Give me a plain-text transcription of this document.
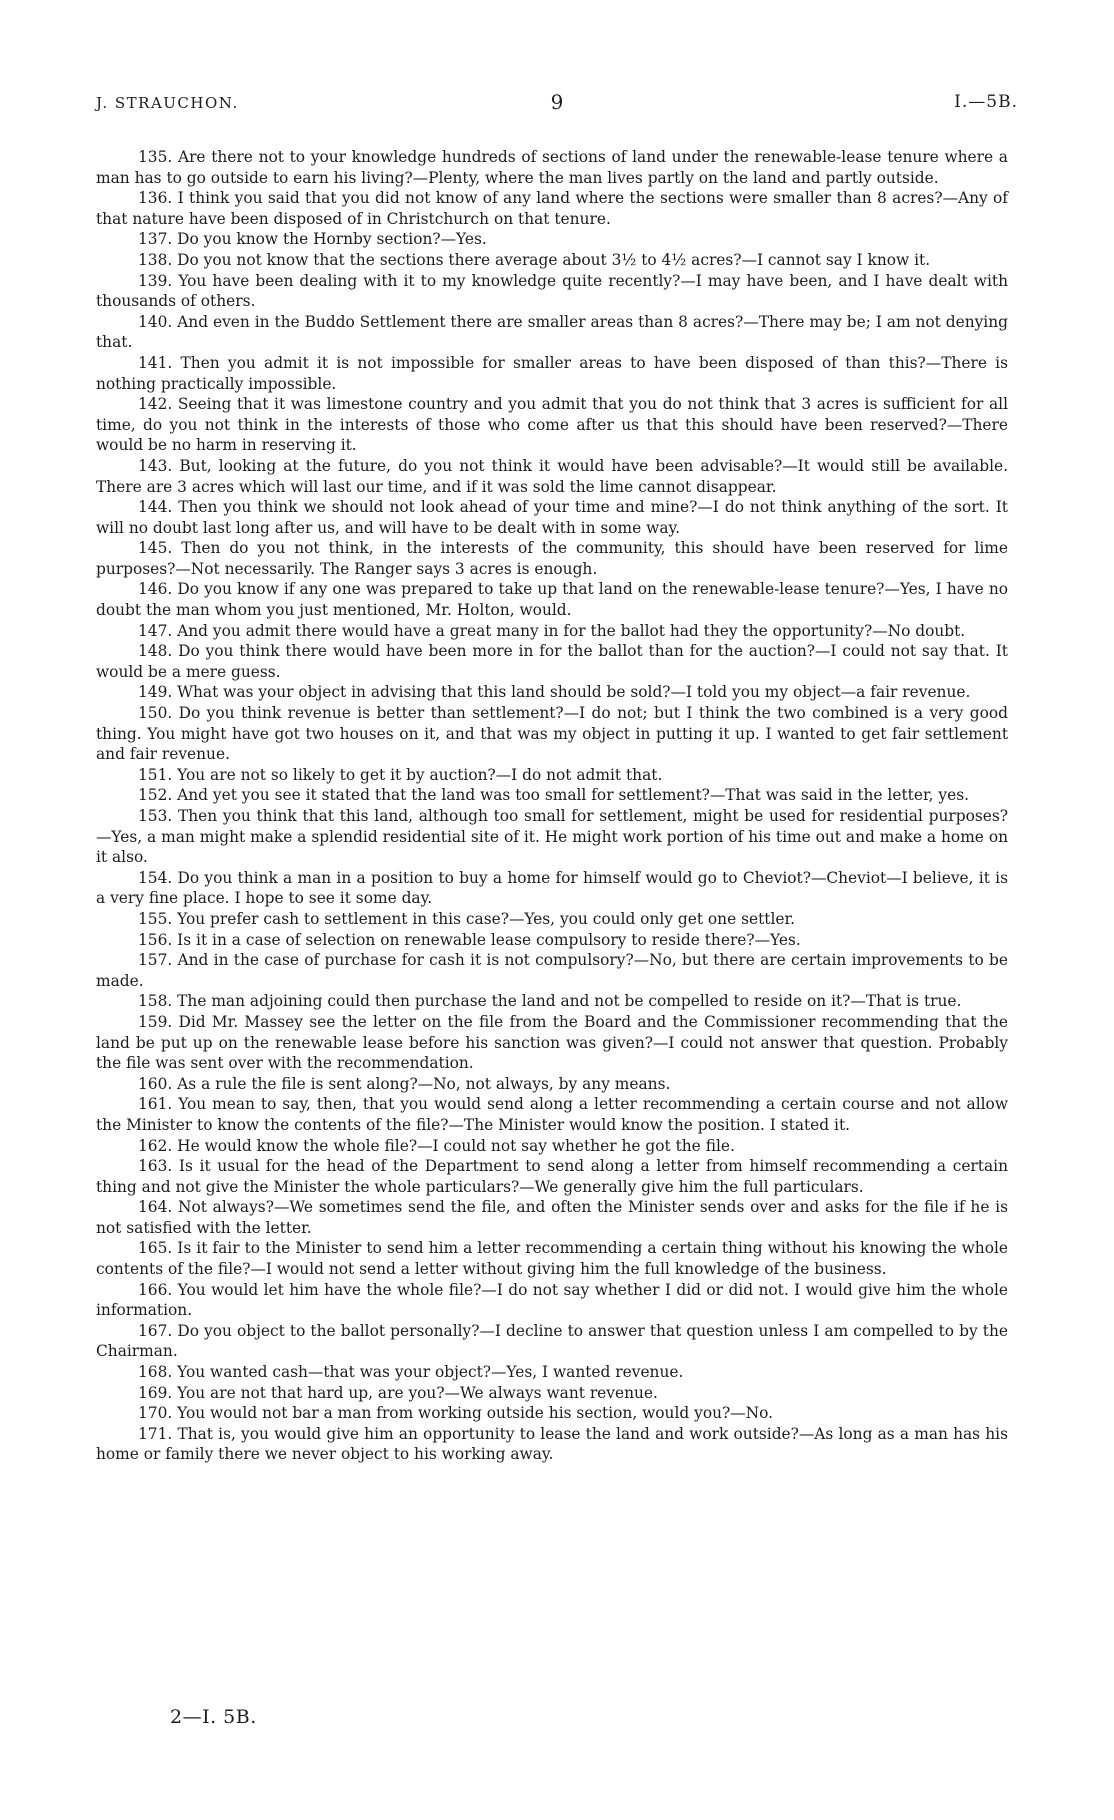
J. STRAUCHON.	9	I.—5B.

135. Are there not to your knowledge hundreds of sections of land under the renewable-lease tenure where a man has to go outside to earn his living?—Plenty, where the man lives partly on the land and partly outside.

136. I think you said that you did not know of any land where the sections were smaller than 8 acres?—Any of that nature have been disposed of in Christchurch on that tenure.

137. Do you know the Hornby section?—Yes.

138. Do you not know that the sections there average about 3½ to 4½ acres?—I cannot say I know it.

139. You have been dealing with it to my knowledge quite recently?—I may have been, and I have dealt with thousands of others.

140. And even in the Buddo Settlement there are smaller areas than 8 acres?—There may be; I am not denying that.

141. Then you admit it is not impossible for smaller areas to have been disposed of than this?—There is nothing practically impossible.

142. Seeing that it was limestone country and you admit that you do not think that 3 acres is sufficient for all time, do you not think in the interests of those who come after us that this should have been reserved?—There would be no harm in reserving it.

143. But, looking at the future, do you not think it would have been advisable?—It would still be available. There are 3 acres which will last our time, and if it was sold the lime cannot disappear.

144. Then you think we should not look ahead of your time and mine?—I do not think anything of the sort. It will no doubt last long after us, and will have to be dealt with in some way.

145. Then do you not think, in the interests of the community, this should have been reserved for lime purposes?—Not necessarily. The Ranger says 3 acres is enough.

146. Do you know if any one was prepared to take up that land on the renewable-lease tenure?—Yes, I have no doubt the man whom you just mentioned, Mr. Holton, would.

147. And you admit there would have a great many in for the ballot had they the opportunity?—No doubt.

148. Do you think there would have been more in for the ballot than for the auction?—I could not say that. It would be a mere guess.

149. What was your object in advising that this land should be sold?—I told you my object—a fair revenue.

150. Do you think revenue is better than settlement?—I do not; but I think the two combined is a very good thing. You might have got two houses on it, and that was my object in putting it up. I wanted to get fair settlement and fair revenue.

151. You are not so likely to get it by auction?—I do not admit that.

152. And yet you see it stated that the land was too small for settlement?—That was said in the letter, yes.

153. Then you think that this land, although too small for settlement, might be used for residential purposes?—Yes, a man might make a splendid residential site of it. He might work portion of his time out and make a home on it also.

154. Do you think a man in a position to buy a home for himself would go to Cheviot?—Cheviot—I believe, it is a very fine place. I hope to see it some day.

155. You prefer cash to settlement in this case?—Yes, you could only get one settler.

156. Is it in a case of selection on renewable lease compulsory to reside there?—Yes.

157. And in the case of purchase for cash it is not compulsory?—No, but there are certain improvements to be made.

158. The man adjoining could then purchase the land and not be compelled to reside on it?—That is true.

159. Did Mr. Massey see the letter on the file from the Board and the Commissioner recommending that the land be put up on the renewable lease before his sanction was given?—I could not answer that question. Probably the file was sent over with the recommendation.

160. As a rule the file is sent along?—No, not always, by any means.

161. You mean to say, then, that you would send along a letter recommending a certain course and not allow the Minister to know the contents of the file?—The Minister would know the position. I stated it.

162. He would know the whole file?—I could not say whether he got the file.

163. Is it usual for the head of the Department to send along a letter from himself recommending a certain thing and not give the Minister the whole particulars?—We generally give him the full particulars.

164. Not always?—We sometimes send the file, and often the Minister sends over and asks for the file if he is not satisfied with the letter.

165. Is it fair to the Minister to send him a letter recommending a certain thing without his knowing the whole contents of the file?—I would not send a letter without giving him the full knowledge of the business.

166. You would let him have the whole file?—I do not say whether I did or did not. I would give him the whole information.

167. Do you object to the ballot personally?—I decline to answer that question unless I am compelled to by the Chairman.

168. You wanted cash—that was your object?—Yes, I wanted revenue.

169. You are not that hard up, are you?—We always want revenue.

170. You would not bar a man from working outside his section, would you?—No.

171. That is, you would give him an opportunity to lease the land and work outside?—As long as a man has his home or family there we never object to his working away.

2—I. 5B.
